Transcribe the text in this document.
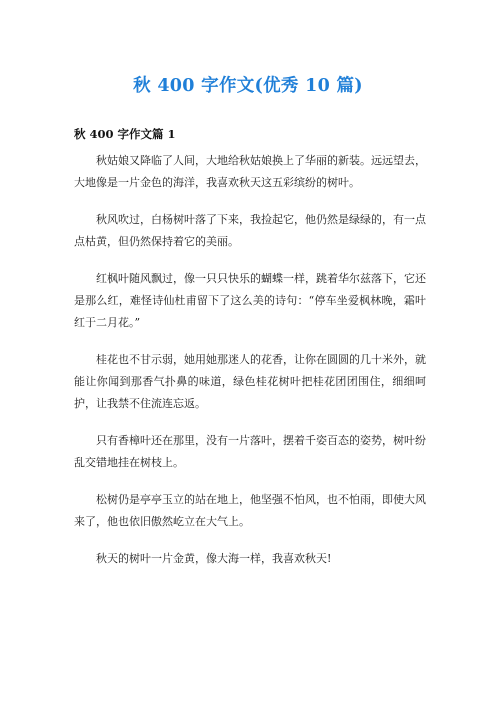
秋 400 字作文(优秀 10 篇)
秋 400 字作文篇 1

秋姑娘又降临了人间，大地给秋姑娘换上了华丽的新装。远远望去，大地像是一片金色的海洋，我喜欢秋天这五彩缤纷的树叶。

秋风吹过，白杨树叶落了下来，我捡起它，他仍然是绿绿的，有一点点枯黄，但仍然保持着它的美丽。

红枫叶随风飘过，像一只只快乐的蝴蝶一样，跳着华尔兹落下，它还是那么红，难怪诗仙杜甫留下了这么美的诗句：“停车坐爱枫林晚，霜叶红于二月花。”

桂花也不甘示弱，她用她那迷人的花香，让你在圆圆的几十米外，就能让你闻到那香气扑鼻的味道，绿色桂花树叶把桂花团团围住，细细呵护，让我禁不住流连忘返。

只有香樟叶还在那里，没有一片落叶，摆着千姿百态的姿势，树叶纷乱交错地挂在树枝上。

松树仍是亭亭玉立的站在地上，他坚强不怕风，也不怕雨，即使大风来了，他也依旧傲然屹立在大气上。

秋天的树叶一片金黄，像大海一样，我喜欢秋天!
